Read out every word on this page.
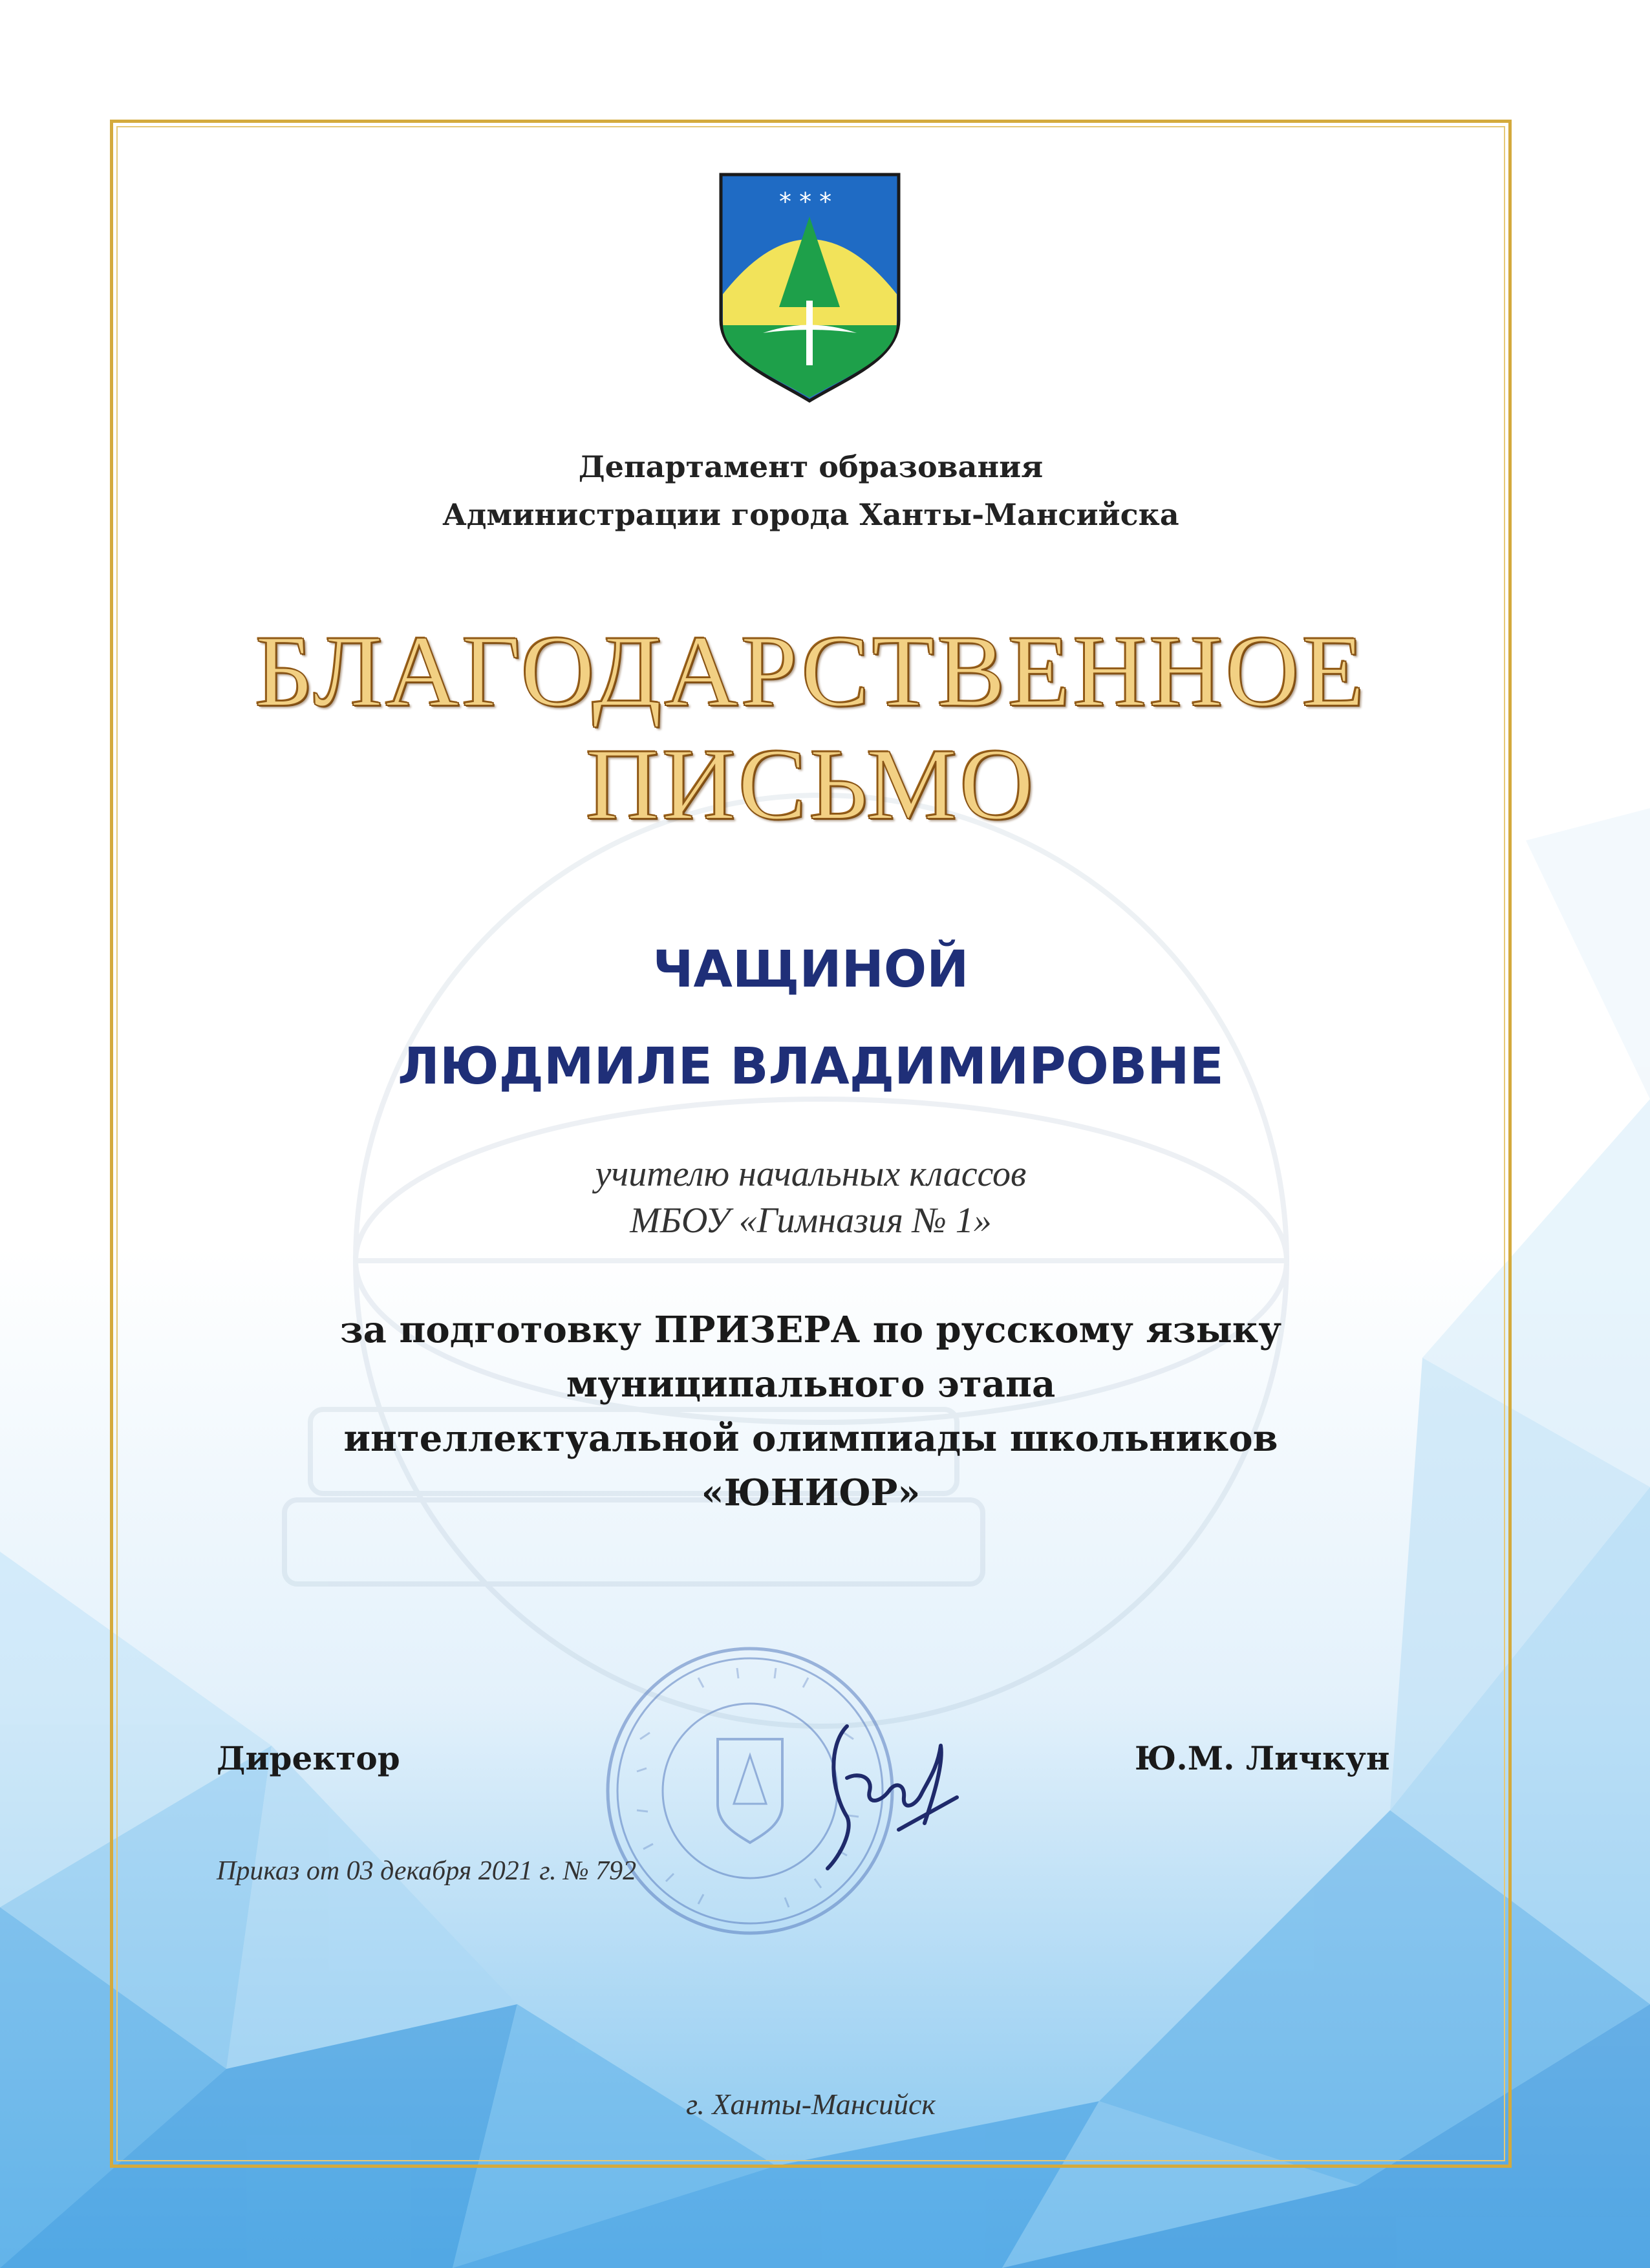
* * *

Департамент образования
Администрации города Ханты-Мансийска

БЛАГОДАРСТВЕННОЕ

ПИСЬМО

ЧАЩИНОЙ

ЛЮДМИЛЕ ВЛАДИМИРОВНЕ

учителю начальных классов
МБОУ «Гимназия № 1»

за подготовку ПРИЗЕРА по русскому языку
муниципального этапа
интеллектуальной олимпиады школьников
«ЮНИОР»

Директор	Ю.М. Личкун

Приказ от 03 декабря 2021 г. № 792

г. Ханты-Мансийск
